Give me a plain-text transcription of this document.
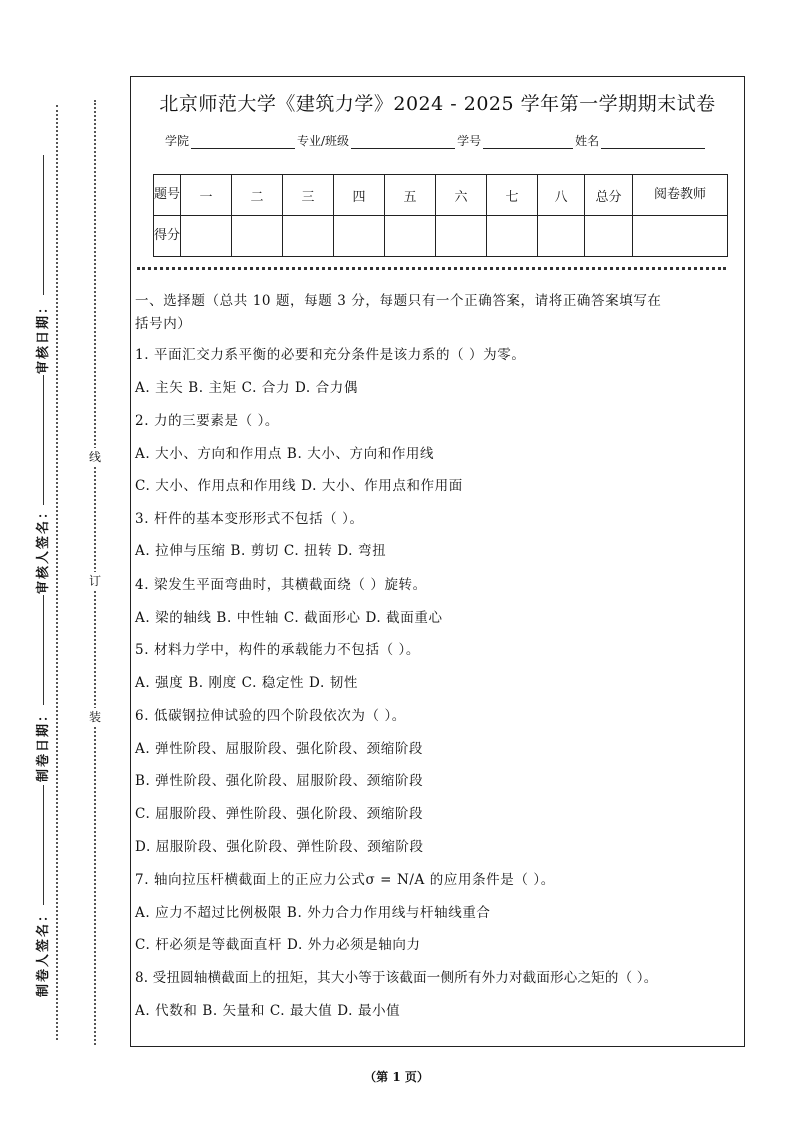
审
核
日
期
：
审
核
人
签
名
：
制
卷
日
期
：
制
卷
人
签
名
：
线
订
装
北京师范大学《建筑力学》2024 - 2025 学年第一学期期末试卷
学院	专业/班级	学号	姓名
题号	一	二	三	四	五	六	七	八	总分	阅卷教师
得分										
一、选择题（总共 10 题，每题 3 分，每题只有一个正确答案，请将正确答案填写在
括号内）
1. 平面汇交力系平衡的必要和充分条件是该力系的（ ）为零。
A. 主矢 B. 主矩 C. 合力 D. 合力偶
2. 力的三要素是（ ）。
A. 大小、方向和作用点 B. 大小、方向和作用线
C. 大小、作用点和作用线 D. 大小、作用点和作用面
3. 杆件的基本变形形式不包括（ ）。
A. 拉伸与压缩 B. 剪切 C. 扭转 D. 弯扭
4. 梁发生平面弯曲时，其横截面绕（ ）旋转。
A. 梁的轴线 B. 中性轴 C. 截面形心 D. 截面重心
5. 材料力学中，构件的承载能力不包括（ ）。
A. 强度 B. 刚度 C. 稳定性 D. 韧性
6. 低碳钢拉伸试验的四个阶段依次为（ ）。
A. 弹性阶段、屈服阶段、强化阶段、颈缩阶段
B. 弹性阶段、强化阶段、屈服阶段、颈缩阶段
C. 屈服阶段、弹性阶段、强化阶段、颈缩阶段
D. 屈服阶段、强化阶段、弹性阶段、颈缩阶段
7. 轴向拉压杆横截面上的正应力公式σ = N/A 的应用条件是（ ）。
A. 应力不超过比例极限 B. 外力合力作用线与杆轴线重合
C. 杆必须是等截面直杆 D. 外力必须是轴向力
8. 受扭圆轴横截面上的扭矩，其大小等于该截面一侧所有外力对截面形心之矩的（ ）。
A. 代数和 B. 矢量和 C. 最大值 D. 最小值
（第 1 页）
